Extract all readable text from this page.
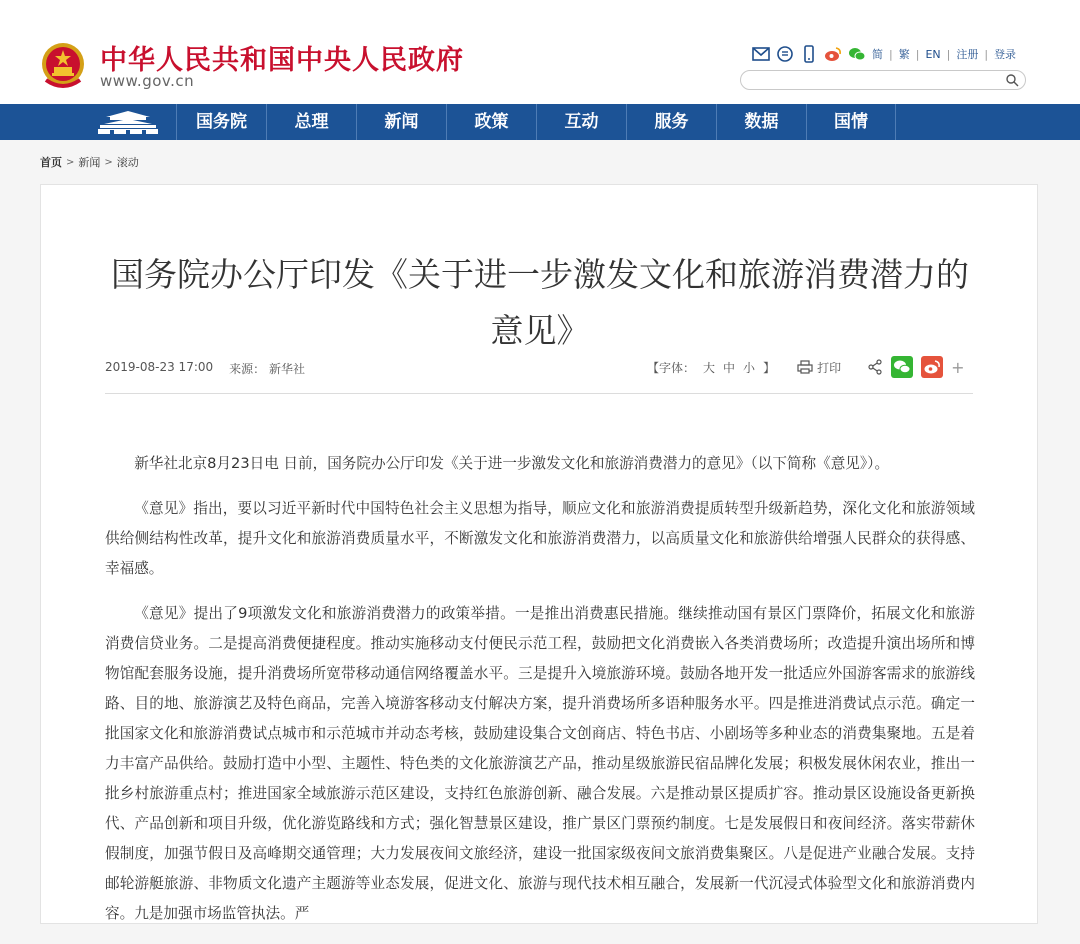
中华人民共和国中央人民政府
www.gov.cn
简 | 繁 | EN | 注册 | 登录
国务院	总理	新闻	政策	互动	服务	数据	国情
首页 > 新闻 > 滚动
国务院办公厅印发《关于进一步激发文化和旅游消费潜力的意见》
2019-08-23 17:00 来源： 新华社	【字体： 大 中 小 】	打印	+

新华社北京8月23日电 日前，国务院办公厅印发《关于进一步激发文化和旅游消费潜力的意见》（以下简称《意见》）。

《意见》指出，要以习近平新时代中国特色社会主义思想为指导，顺应文化和旅游消费提质转型升级新趋势，深化文化和旅游领域供给侧结构性改革，提升文化和旅游消费质量水平，不断激发文化和旅游消费潜力，以高质量文化和旅游供给增强人民群众的获得感、幸福感。

《意见》提出了9项激发文化和旅游消费潜力的政策举措。一是推出消费惠民措施。继续推动国有景区门票降价，拓展文化和旅游消费信贷业务。二是提高消费便捷程度。推动实施移动支付便民示范工程，鼓励把文化消费嵌入各类消费场所；改造提升演出场所和博物馆配套服务设施，提升消费场所宽带移动通信网络覆盖水平。三是提升入境旅游环境。鼓励各地开发一批适应外国游客需求的旅游线路、目的地、旅游演艺及特色商品，完善入境游客移动支付解决方案，提升消费场所多语种服务水平。四是推进消费试点示范。确定一批国家文化和旅游消费试点城市和示范城市并动态考核，鼓励建设集合文创商店、特色书店、小剧场等多种业态的消费集聚地。五是着力丰富产品供给。鼓励打造中小型、主题性、特色类的文化旅游演艺产品，推动星级旅游民宿品牌化发展；积极发展休闲农业，推出一批乡村旅游重点村；推进国家全域旅游示范区建设，支持红色旅游创新、融合发展。六是推动景区提质扩容。推动景区设施设备更新换代、产品创新和项目升级，优化游览路线和方式；强化智慧景区建设，推广景区门票预约制度。七是发展假日和夜间经济。落实带薪休假制度，加强节假日及高峰期交通管理；大力发展夜间文旅经济，建设一批国家级夜间文旅消费集聚区。八是促进产业融合发展。支持邮轮游艇旅游、非物质文化遗产主题游等业态发展，促进文化、旅游与现代技术相互融合，发展新一代沉浸式体验型文化和旅游消费内容。九是加强市场监管执法。严
